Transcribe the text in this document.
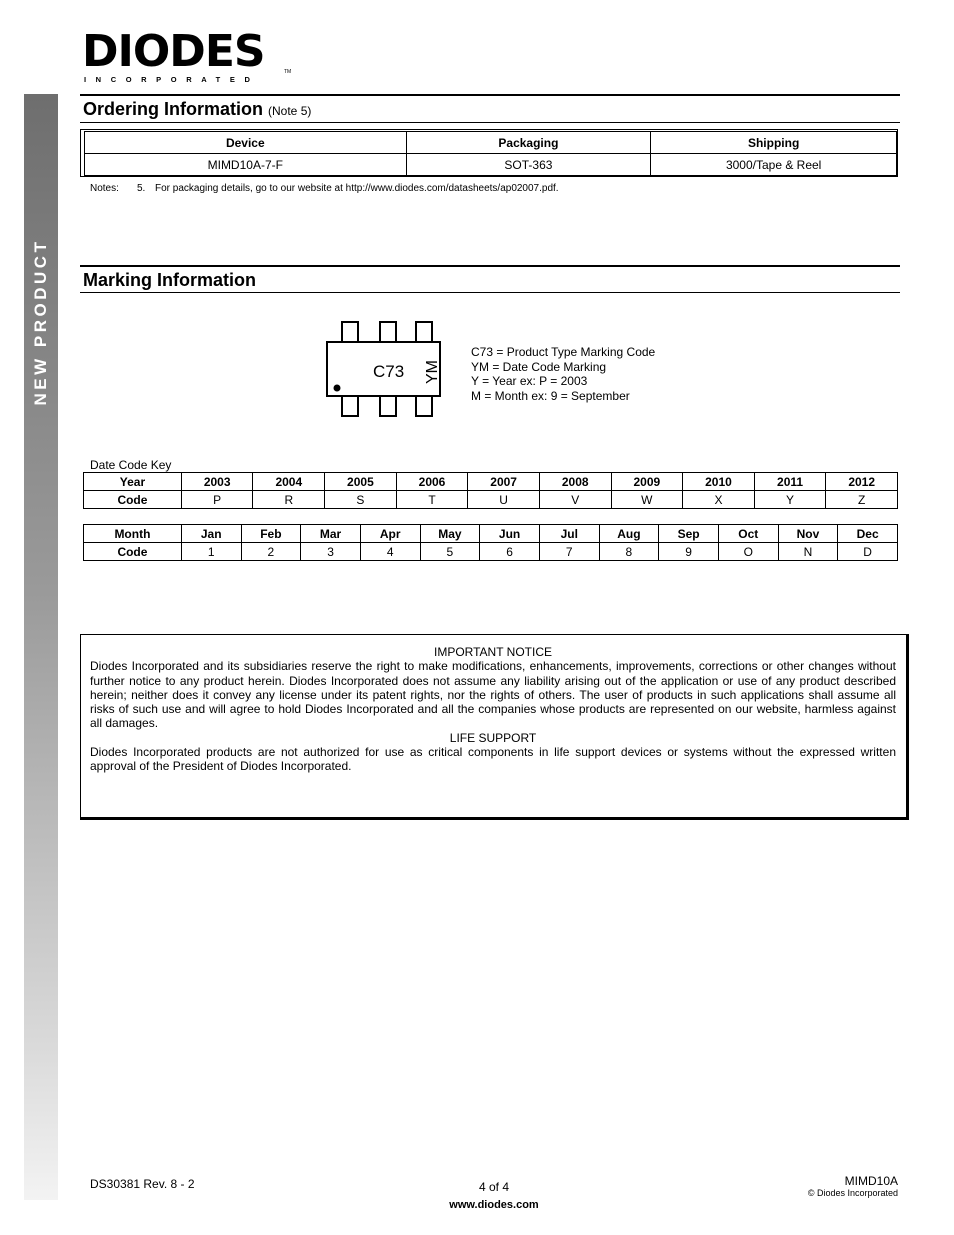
NEW PRODUCT
DIODES
INCORPORATED
TM
Ordering Information (Note 5)
Device	Packaging	Shipping
MIMD10A-7-F	SOT-363	3000/Tape & Reel
Notes: 5. For packaging details, go to our website at http://www.diodes.com/datasheets/ap02007.pdf.
Marking Information
C73 YM
C73 = Product Type Marking Code
YM = Date Code Marking
Y = Year ex: P = 2003
M = Month ex: 9 = September
Date Code Key
Year	2003	2004	2005	2006	2007	2008	2009	2010	2011	2012
Code	P	R	S	T	U	V	W	X	Y	Z
Month	Jan	Feb	Mar	Apr	May	Jun	Jul	Aug	Sep	Oct	Nov	Dec
Code	1	2	3	4	5	6	7	8	9	O	N	D
IMPORTANT NOTICE
Diodes Incorporated and its subsidiaries reserve the right to make modifications, enhancements, improvements, corrections or other changes without further notice to any product herein. Diodes Incorporated does not assume any liability arising out of the application or use of any product described herein; neither does it convey any license under its patent rights, nor the rights of others. The user of products in such applications shall assume all risks of such use and will agree to hold Diodes Incorporated and all the companies whose products are represented on our website, harmless against all damages.
LIFE SUPPORT
Diodes Incorporated products are not authorized for use as critical components in life support devices or systems without the expressed written approval of the President of Diodes Incorporated.
DS30381 Rev. 8 - 2	4 of 4
www.diodes.com
MIMD10A
© Diodes Incorporated
